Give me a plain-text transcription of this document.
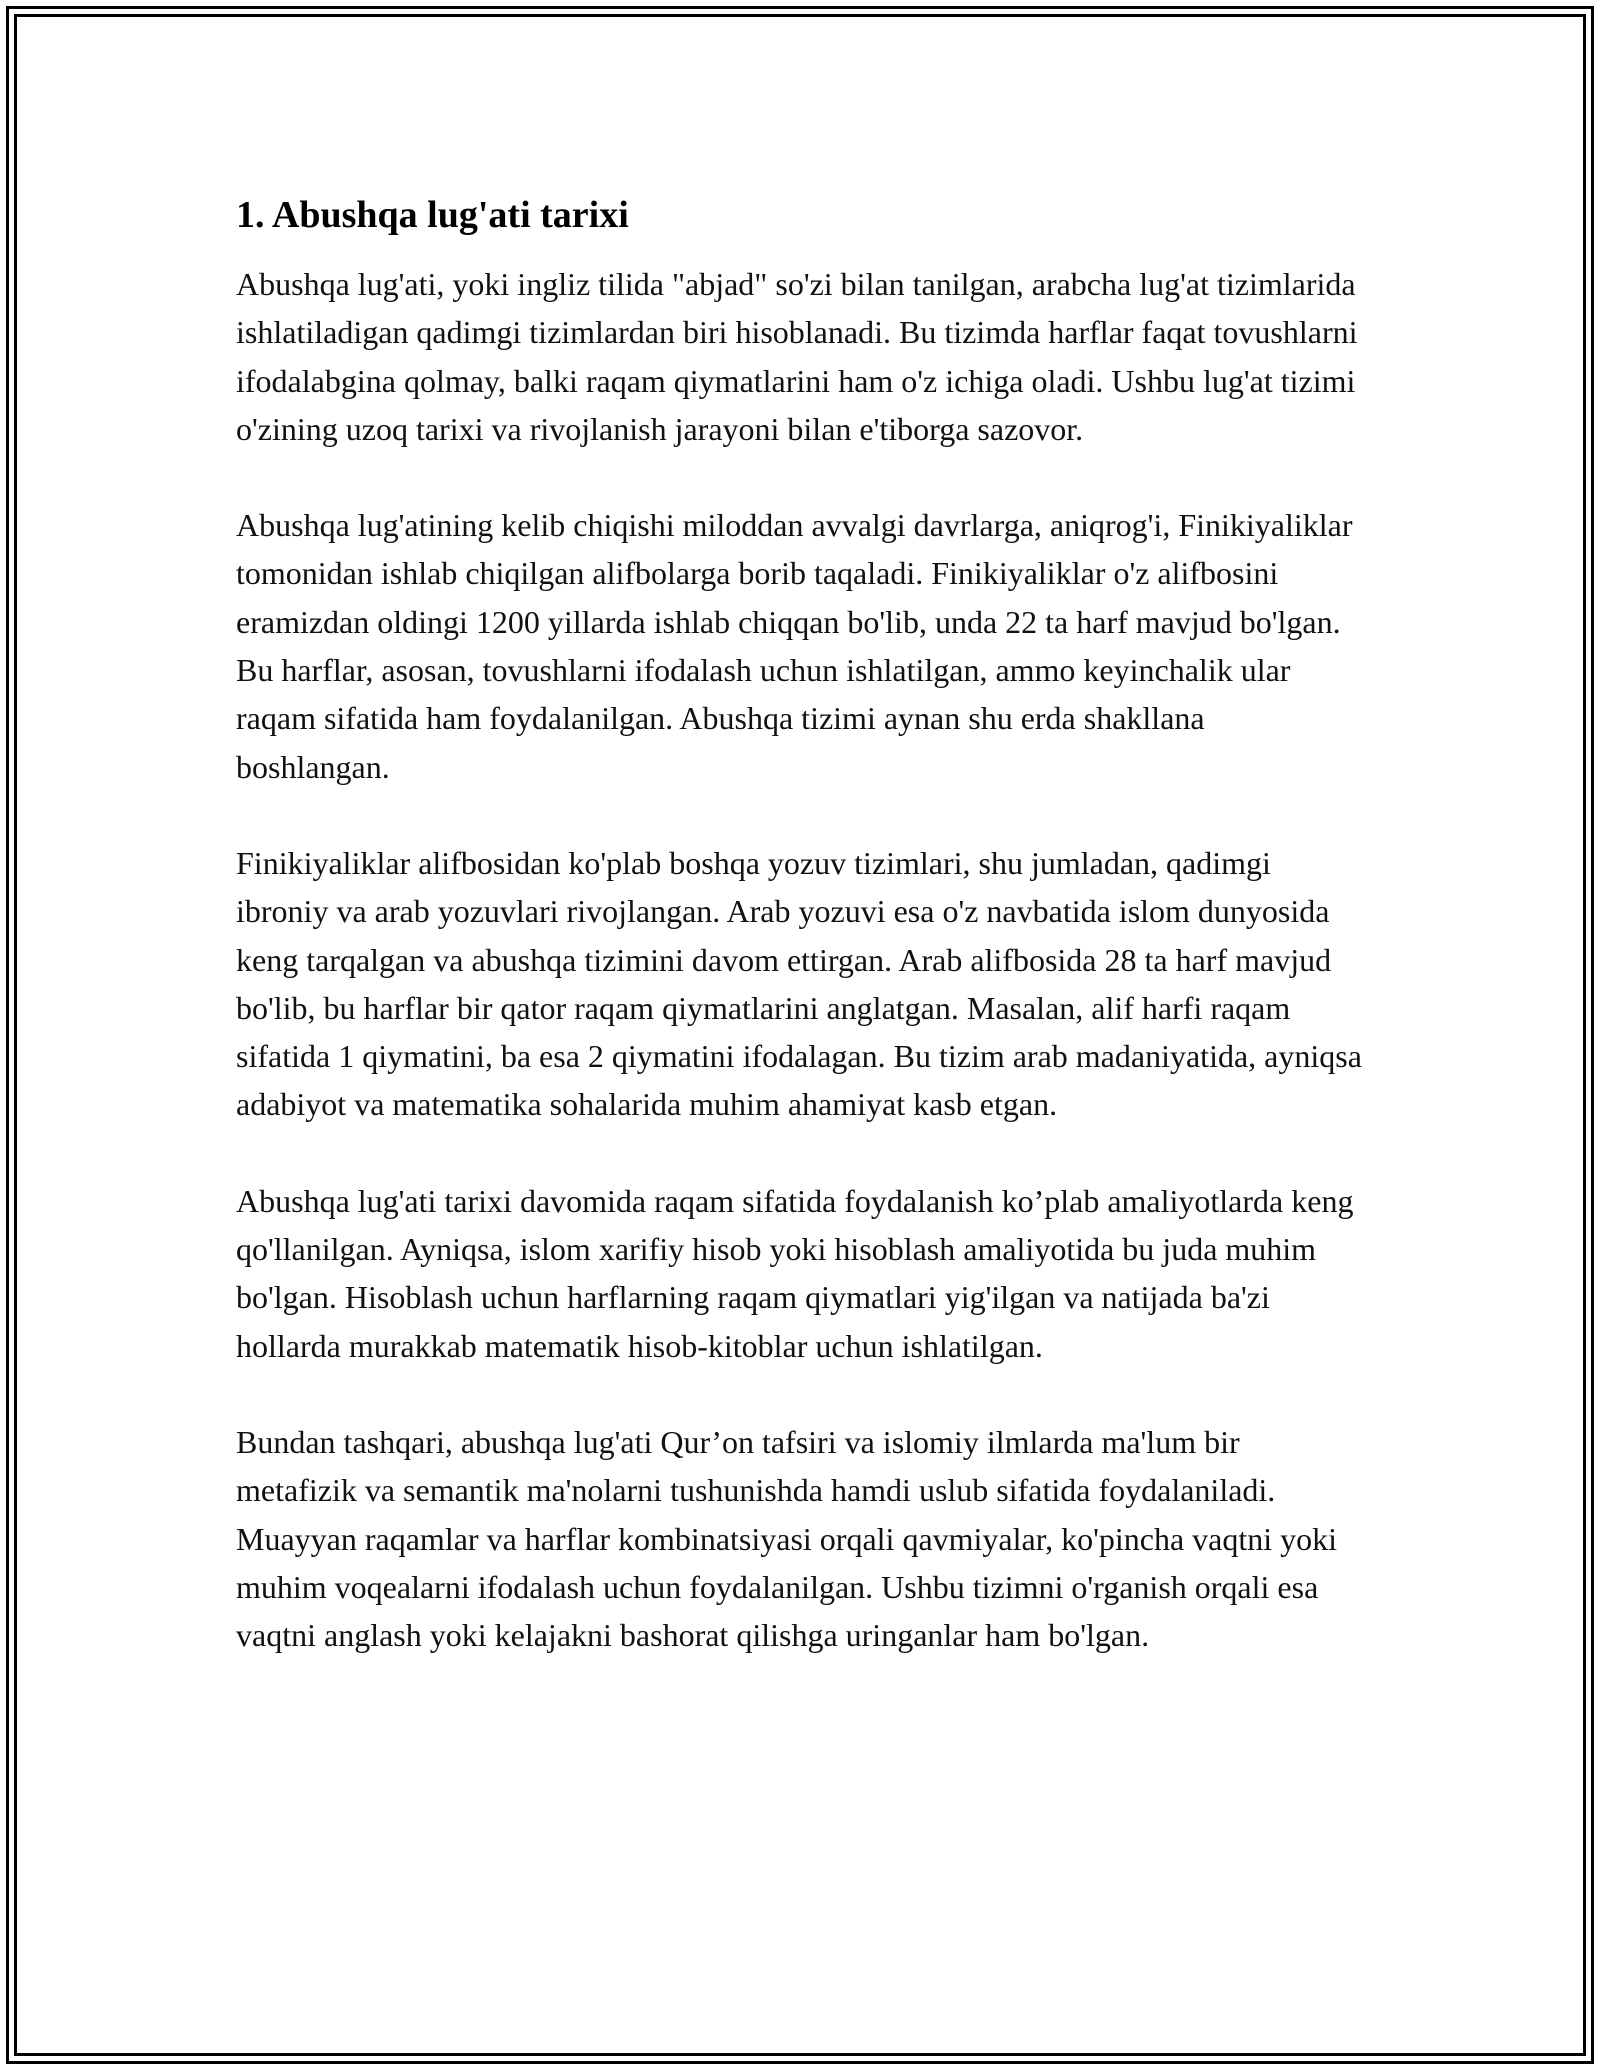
1. Abushqa lug'ati tarixi

Abushqa lug'ati, yoki ingliz tilida "abjad" so'zi bilan tanilgan, arabcha lug'at tizimlarida ishlatiladigan qadimgi tizimlardan biri hisoblanadi. Bu tizimda harflar faqat tovushlarni ifodalabgina qolmay, balki raqam qiymatlarini ham o'z ichiga oladi. Ushbu lug'at tizimi o'zining uzoq tarixi va rivojlanish jarayoni bilan e'tiborga sazovor.

Abushqa lug'atining kelib chiqishi miloddan avvalgi davrlarga, aniqrog'i, Finikiyaliklar tomonidan ishlab chiqilgan alifbolarga borib taqaladi. Finikiyaliklar o'z alifbosini eramizdan oldingi 1200 yillarda ishlab chiqqan bo'lib, unda 22 ta harf mavjud bo'lgan. Bu harflar, asosan, tovushlarni ifodalash uchun ishlatilgan, ammo keyinchalik ular raqam sifatida ham foydalanilgan. Abushqa tizimi aynan shu erda shakllana boshlangan.

Finikiyaliklar alifbosidan ko'plab boshqa yozuv tizimlari, shu jumladan, qadimgi ibroniy va arab yozuvlari rivojlangan. Arab yozuvi esa o'z navbatida islom dunyosida keng tarqalgan va abushqa tizimini davom ettirgan. Arab alifbosida 28 ta harf mavjud bo'lib, bu harflar bir qator raqam qiymatlarini anglatgan. Masalan, alif harfi raqam sifatida 1 qiymatini, ba esa 2 qiymatini ifodalagan. Bu tizim arab madaniyatida, ayniqsa adabiyot va matematika sohalarida muhim ahamiyat kasb etgan.

Abushqa lug'ati tarixi davomida raqam sifatida foydalanish ko’plab amaliyotlarda keng qo'llanilgan. Ayniqsa, islom xarifiy hisob yoki hisoblash amaliyotida bu juda muhim bo'lgan. Hisoblash uchun harflarning raqam qiymatlari yig'ilgan va natijada ba'zi hollarda murakkab matematik hisob-kitoblar uchun ishlatilgan.

Bundan tashqari, abushqa lug'ati Qur’on tafsiri va islomiy ilmlarda ma'lum bir metafizik va semantik ma'nolarni tushunishda hamdi uslub sifatida foydalaniladi. Muayyan raqamlar va harflar kombinatsiyasi orqali qavmiyalar, ko'pincha vaqtni yoki muhim voqealarni ifodalash uchun foydalanilgan. Ushbu tizimni o'rganish orqali esa vaqtni anglash yoki kelajakni bashorat qilishga uringanlar ham bo'lgan.
